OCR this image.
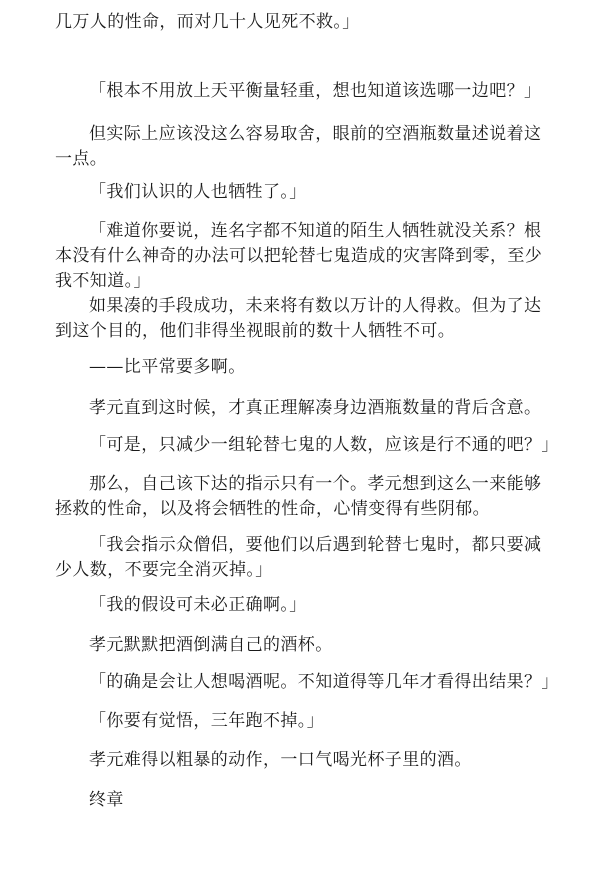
几万人的性命，而对几十人见死不救。」

「根本不用放上天平衡量轻重，想也知道该选哪一边吧？」

但实际上应该没这么容易取舍，眼前的空酒瓶数量述说着这一点。

「我们认识的人也牺牲了。」

「难道你要说，连名字都不知道的陌生人牺牲就没关系？根本没有什么神奇的办法可以把轮替七鬼造成的灾害降到零，至少我不知道。」

如果凑的手段成功，未来将有数以万计的人得救。但为了达到这个目的，他们非得坐视眼前的数十人牺牲不可。

——比平常要多啊。

孝元直到这时候，才真正理解凑身边酒瓶数量的背后含意。

「可是，只减少一组轮替七鬼的人数，应该是行不通的吧？」

那么，自己该下达的指示只有一个。孝元想到这么一来能够拯救的性命，以及将会牺牲的性命，心情变得有些阴郁。

「我会指示众僧侣，要他们以后遇到轮替七鬼时，都只要减少人数，不要完全消灭掉。」

「我的假设可未必正确啊。」

孝元默默把酒倒满自己的酒杯。

「的确是会让人想喝酒呢。不知道得等几年才看得出结果？」

「你要有觉悟，三年跑不掉。」

孝元难得以粗暴的动作，一口气喝光杯子里的酒。

终章
